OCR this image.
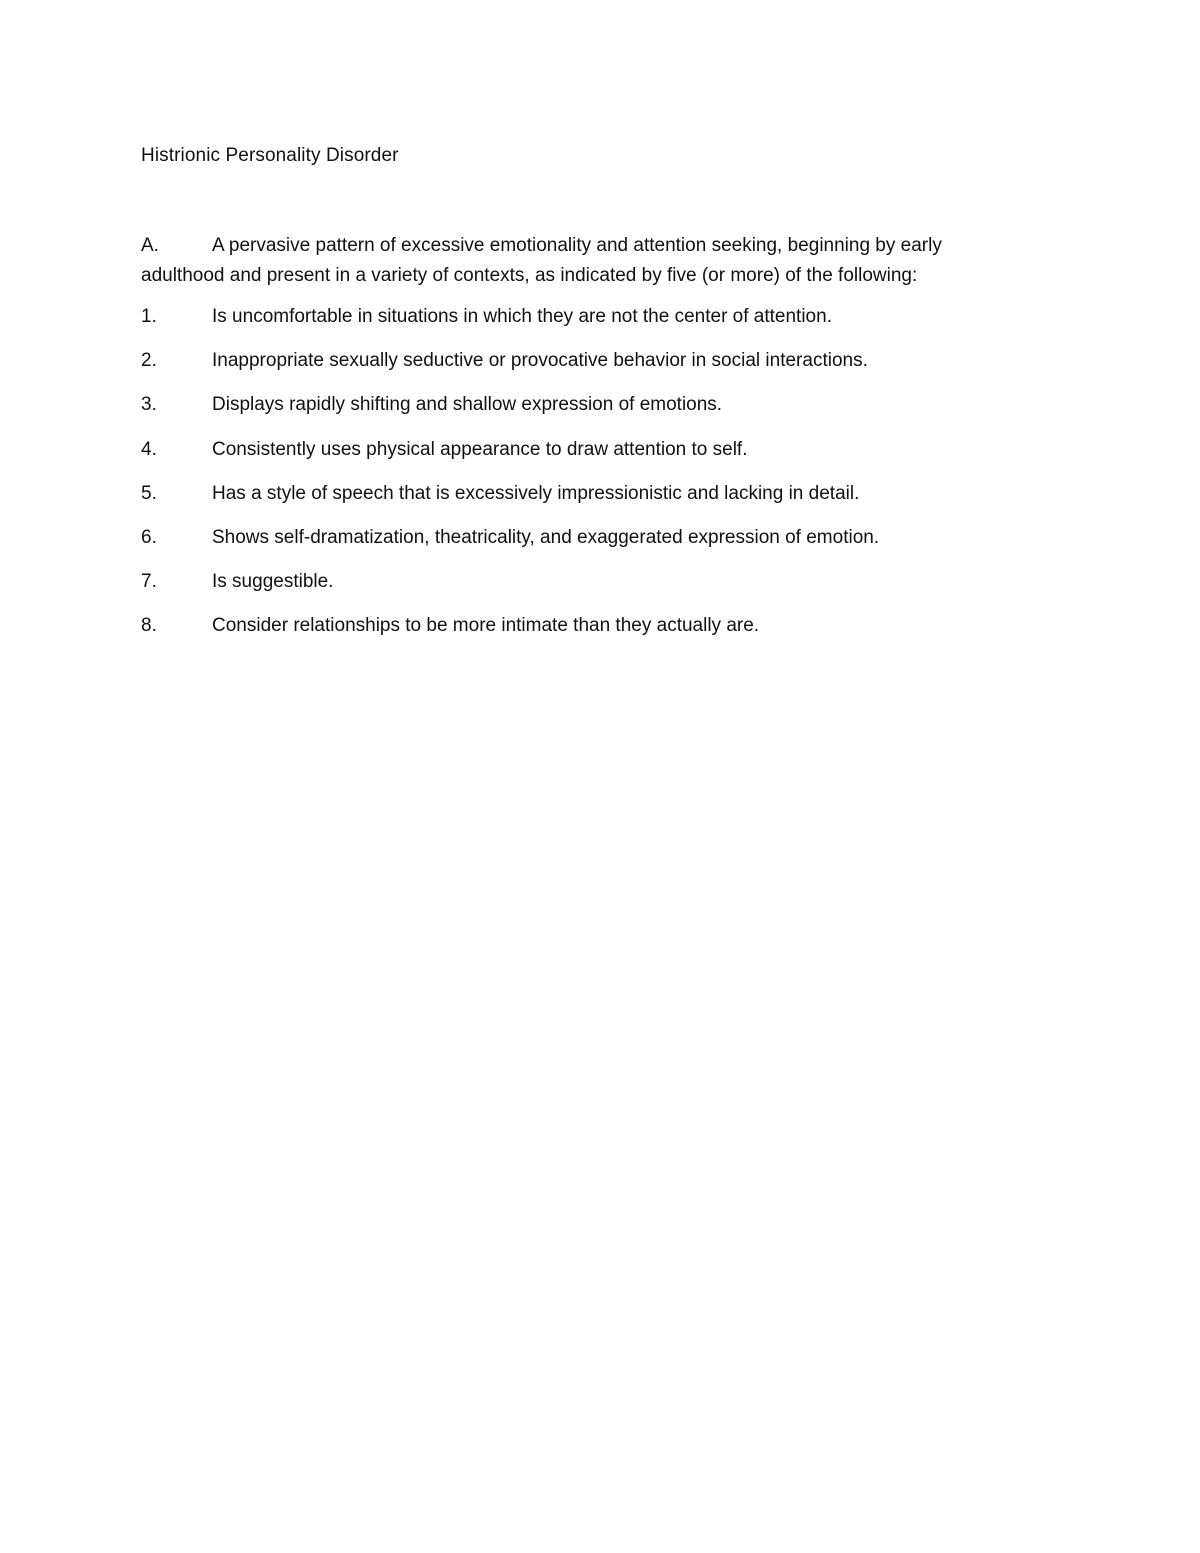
Histrionic Personality Disorder
A.	A pervasive pattern of excessive emotionality and attention seeking, beginning by early
adulthood and present in a variety of contexts, as indicated by five (or more) of the following:
1.	Is uncomfortable in situations in which they are not the center of attention.
2.	Inappropriate sexually seductive or provocative behavior in social interactions.
3.	Displays rapidly shifting and shallow expression of emotions.
4.	Consistently uses physical appearance to draw attention to self.
5.	Has a style of speech that is excessively impressionistic and lacking in detail.
6.	Shows self-dramatization, theatricality, and exaggerated expression of emotion.
7.	Is suggestible.
8.	Consider relationships to be more intimate than they actually are.
